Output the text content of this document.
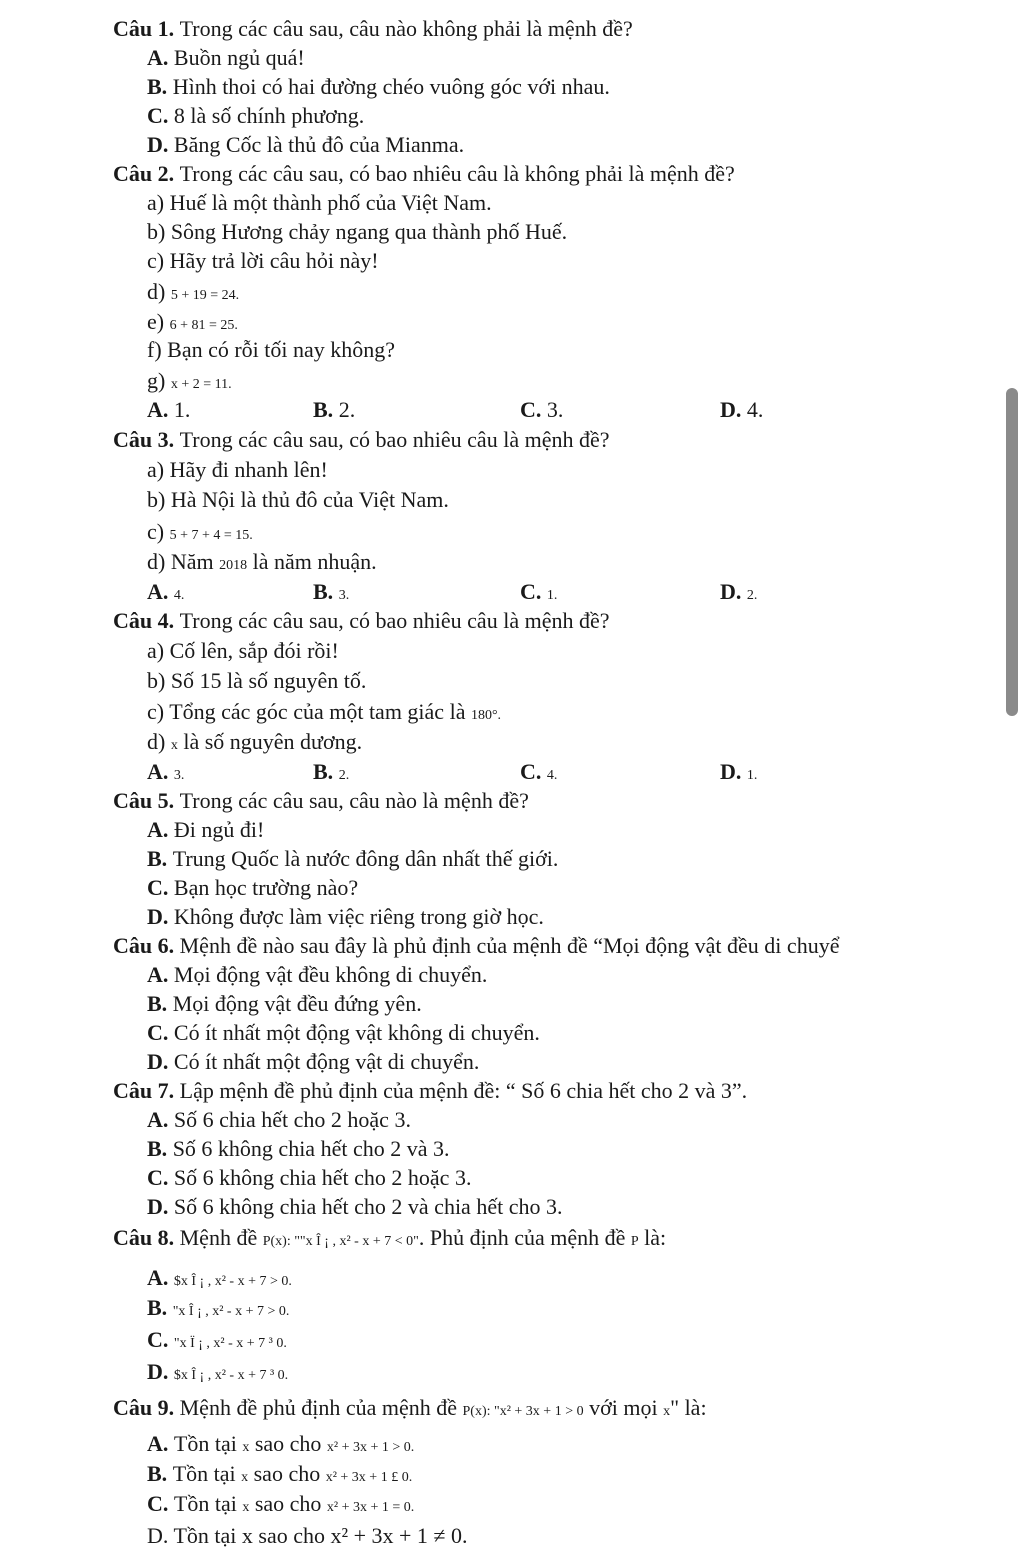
Câu 1. Trong các câu sau, câu nào không phải là mệnh đề?
A. Buồn ngủ quá!
B. Hình thoi có hai đường chéo vuông góc với nhau.
C. 8 là số chính phương.
D. Băng Cốc là thủ đô của Mianma.
Câu 2. Trong các câu sau, có bao nhiêu câu là không phải là mệnh đề?
a) Huế là một thành phố của Việt Nam.
b) Sông Hương chảy ngang qua thành phố Huế.
c) Hãy trả lời câu hỏi này!
d) 5 + 19 = 24.
e) 6 + 81 = 25.
f) Bạn có rỗi tối nay không?
g) x + 2 = 11.
A. 1.	B. 2.	C. 3.	D. 4.
Câu 3. Trong các câu sau, có bao nhiêu câu là mệnh đề?
a) Hãy đi nhanh lên!
b) Hà Nội là thủ đô của Việt Nam.
c) 5 + 7 + 4 = 15.
d) Năm 2018 là năm nhuận.
A. 4.	B. 3.	C. 1.	D. 2.
Câu 4. Trong các câu sau, có bao nhiêu câu là mệnh đề?
a) Cố lên, sắp đói rồi!
b) Số 15 là số nguyên tố.
c) Tổng các góc của một tam giác là 180°.
d) x là số nguyên dương.
A. 3.	B. 2.	C. 4.	D. 1.
Câu 5. Trong các câu sau, câu nào là mệnh đề?
A. Đi ngủ đi!
B. Trung Quốc là nước đông dân nhất thế giới.
C. Bạn học trường nào?
D. Không được làm việc riêng trong giờ học.
Câu 6. Mệnh đề nào sau đây là phủ định của mệnh đề “Mọi động vật đều di chuyể
A. Mọi động vật đều không di chuyển.
B. Mọi động vật đều đứng yên.
C. Có ít nhất một động vật không di chuyển.
D. Có ít nhất một động vật di chuyển.
Câu 7. Lập mệnh đề phủ định của mệnh đề: “ Số 6 chia hết cho 2 và 3”.
A. Số 6 chia hết cho 2 hoặc 3.
B. Số 6 không chia hết cho 2 và 3.
C. Số 6 không chia hết cho 2 hoặc 3.
D. Số 6 không chia hết cho 2 và chia hết cho 3.
Câu 8. Mệnh đề P(x): ""x Î ¡ , x² - x + 7 < 0". Phủ định của mệnh đề P là:
A. $x Î ¡ , x² - x + 7 > 0.
B. "x Î ¡ , x² - x + 7 > 0.
C. "x Ï ¡ , x² - x + 7 ³ 0.
D. $x Î ¡ , x² - x + 7 ³ 0.
Câu 9. Mệnh đề phủ định của mệnh đề P(x): "x² + 3x + 1 > 0 với mọi x" là:
A. Tồn tại x sao cho x² + 3x + 1 > 0.
B. Tồn tại x sao cho x² + 3x + 1 £ 0.
C. Tồn tại x sao cho x² + 3x + 1 = 0.
D. Tồn tại x sao cho x² + 3x + 1 ≠ 0.
